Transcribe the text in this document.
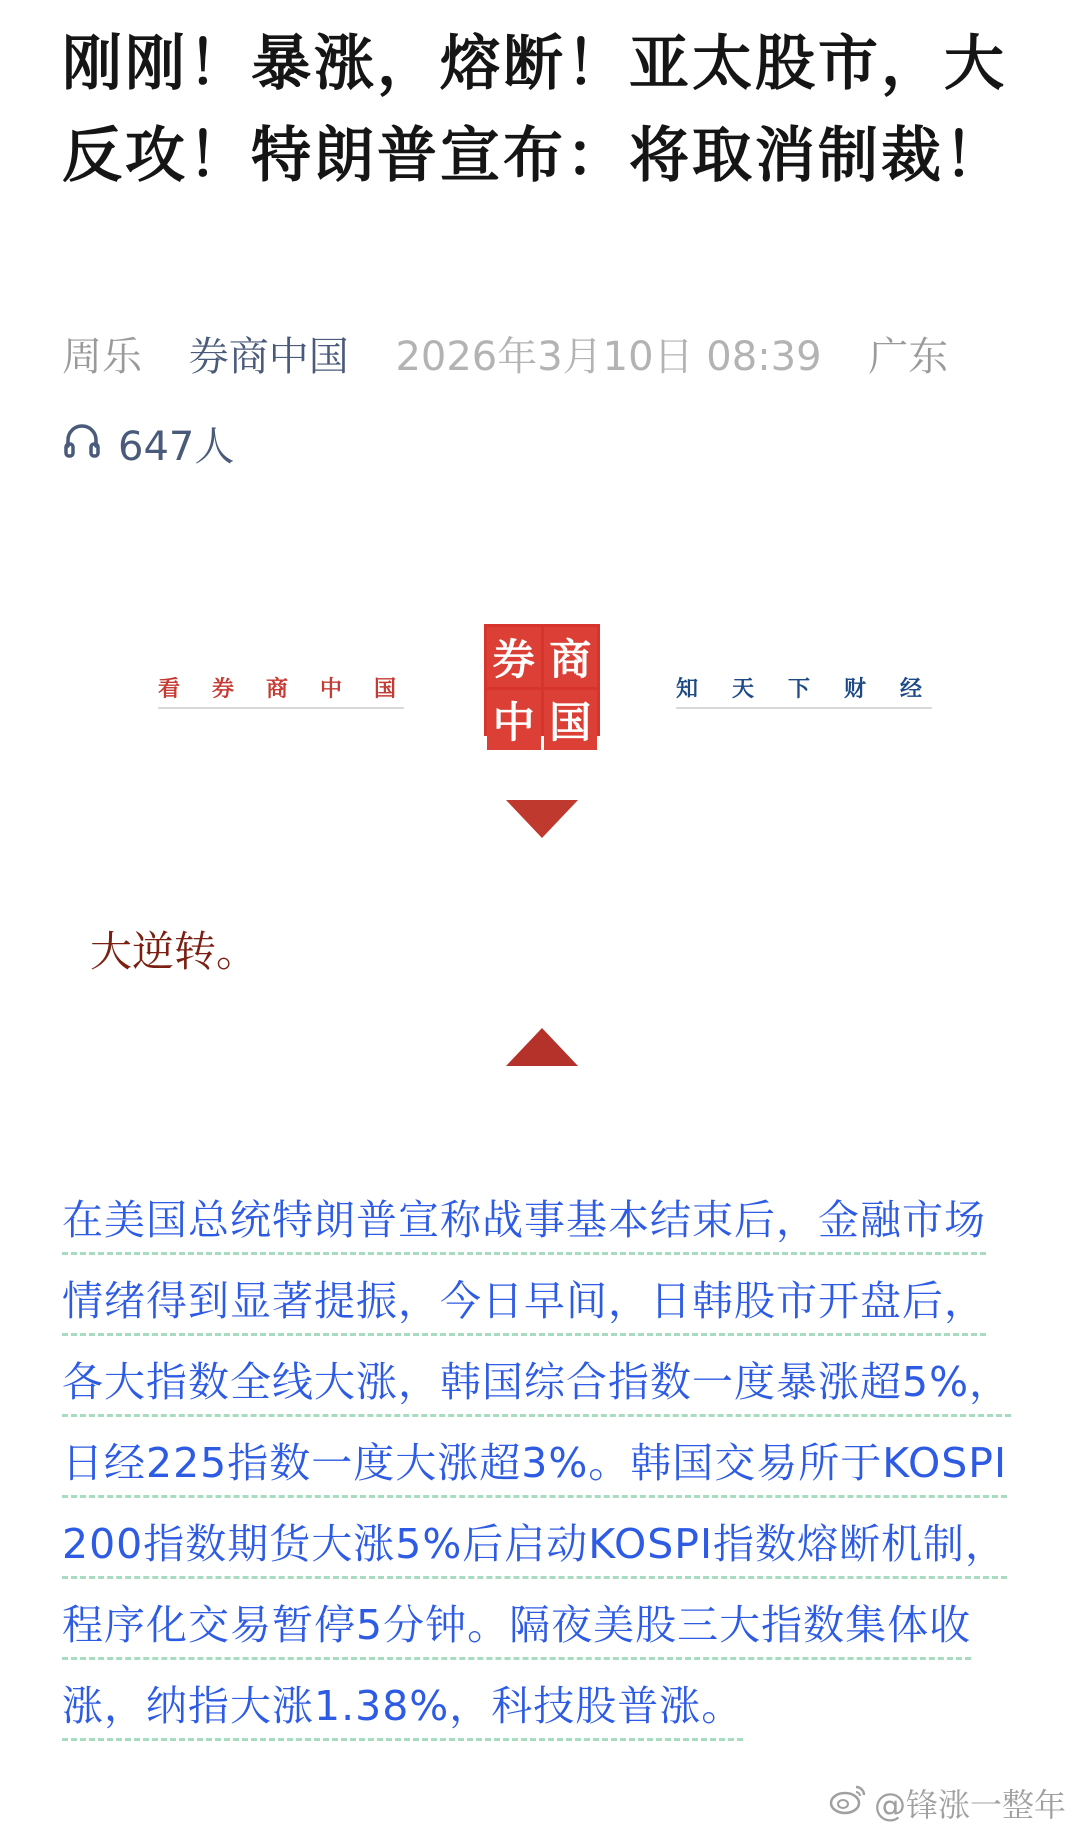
刚刚！暴涨，熔断！亚太股市，大反攻！特朗普宣布：将取消制裁！
周乐 券商中国 2026年3月10日 08:39 广东
647人
看券商中国
券 商
中 国
知天下财经
大逆转。

在美国总统特朗普宣称战事基本结束后，金融市场情绪得到显著提振，今日早间，日韩股市开盘后，各大指数全线大涨，韩国综合指数一度暴涨超5%，日经225指数一度大涨超3%。韩国交易所于KOSPI 200指数期货大涨5%后启动KOSPI指数熔断机制，程序化交易暂停5分钟。隔夜美股三大指数集体收涨，纳指大涨1.38%，科技股普涨。

@锋涨一整年
